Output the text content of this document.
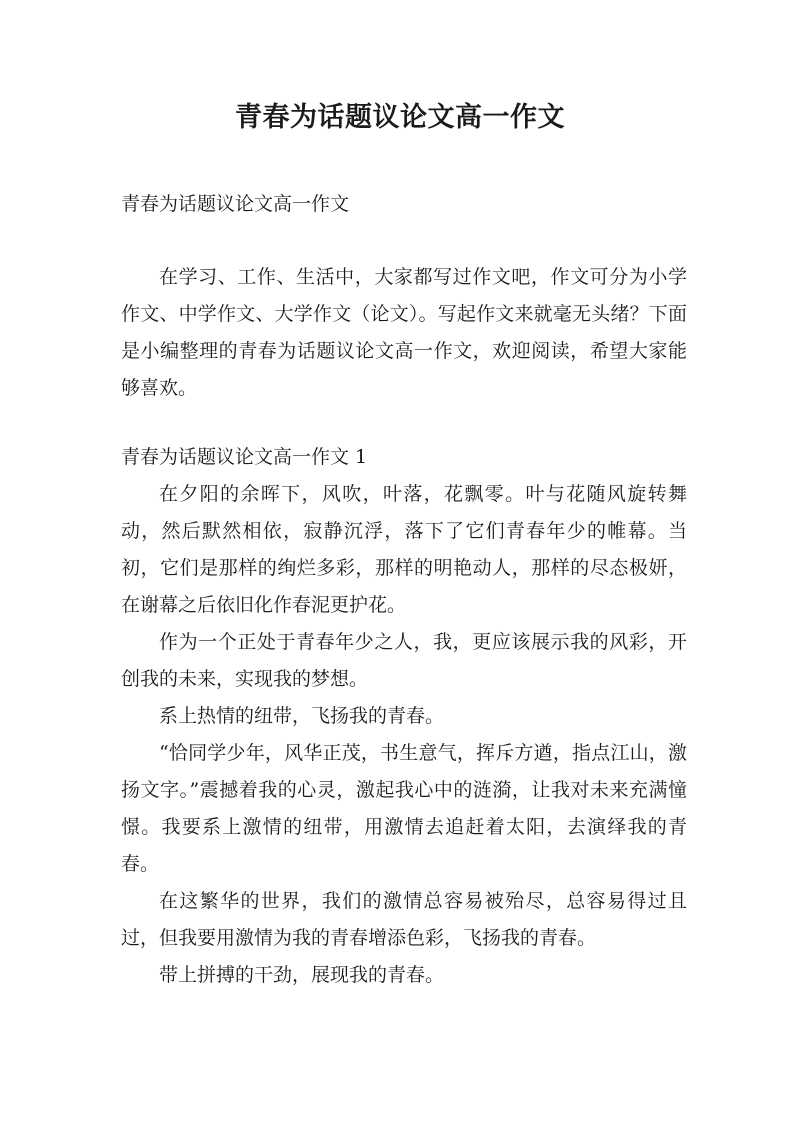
青春为话题议论文高一作文

青春为话题议论文高一作文

在学习、工作、生活中，大家都写过作文吧，作文可分为小学作文、中学作文、大学作文（论文）。写起作文来就毫无头绪？下面是小编整理的青春为话题议论文高一作文，欢迎阅读，希望大家能够喜欢。

青春为话题议论文高一作文 1

在夕阳的余晖下，风吹，叶落，花飘零。叶与花随风旋转舞动，然后默然相依，寂静沉浮，落下了它们青春年少的帷幕。当初，它们是那样的绚烂多彩，那样的明艳动人，那样的尽态极妍，在谢幕之后依旧化作春泥更护花。

作为一个正处于青春年少之人，我，更应该展示我的风彩，开创我的未来，实现我的梦想。

系上热情的纽带，飞扬我的青春。

“恰同学少年，风华正茂，书生意气，挥斥方遒，指点江山，激扬文字。”震撼着我的心灵，激起我心中的涟漪，让我对未来充满憧憬。我要系上激情的纽带，用激情去追赶着太阳，去演绎我的青春。

在这繁华的世界，我们的激情总容易被殆尽，总容易得过且过，但我要用激情为我的青春增添色彩，飞扬我的青春。

带上拼搏的干劲，展现我的青春。
